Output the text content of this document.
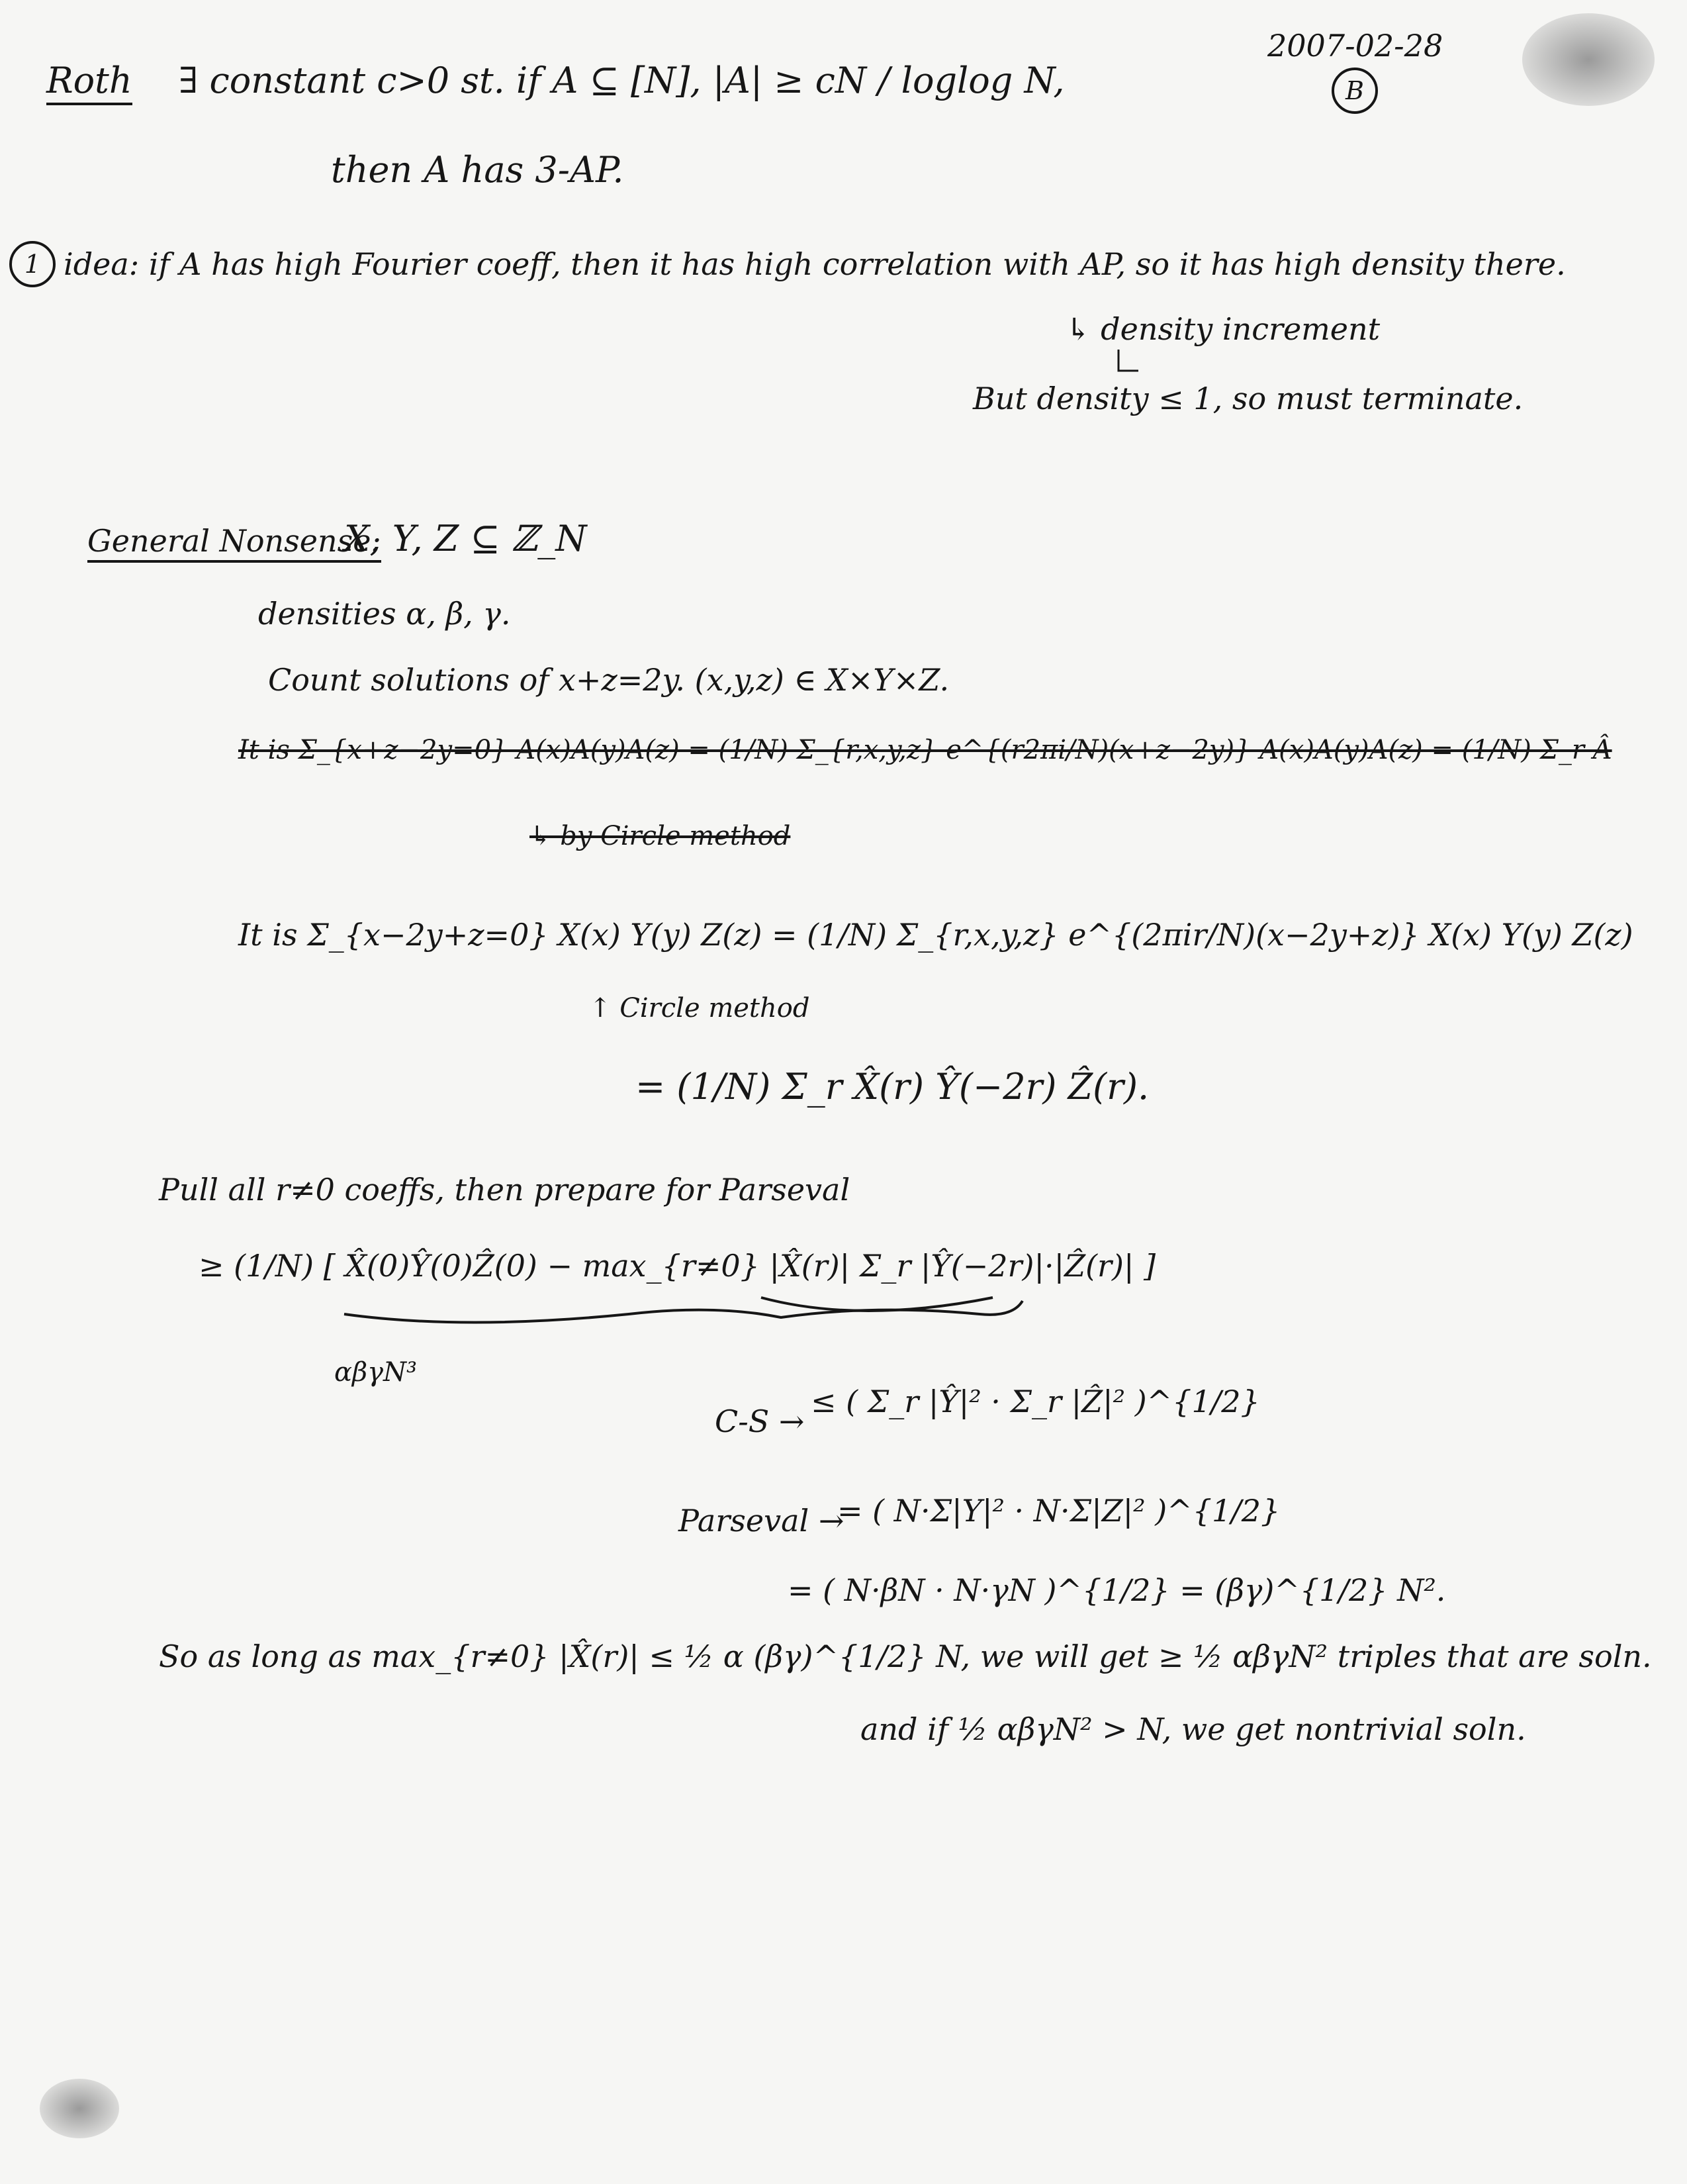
2007-02-28
B
Roth ∃ constant c>0 st. if A ⊆ [N], |A| ≥ cN / loglog N,
then A has 3-AP.
1 idea: if A has high Fourier coeff, then it has high correlation with AP, so it has high density there.
↳ density increment
But density ≤ 1, so must terminate.
General Nonsense:
X, Y, Z ⊆ ℤ_N
densities α, β, γ.
Count solutions of x+z=2y. (x,y,z) ∈ X×Y×Z.
It is Σ_{x+z−2y=0} A(x)A(y)A(z) = (1/N) Σ_{r,x,y,z} e^{(r2πi/N)(x+z−2y)} A(x)A(y)A(z) = (1/N) Σ_r Â
↳ by Circle method
It is Σ_{x−2y+z=0} X(x) Y(y) Z(z) = (1/N) Σ_{r,x,y,z} e^{(2πir/N)(x−2y+z)} X(x) Y(y) Z(z)
↑ Circle method
= (1/N) Σ_r X̂(r) Ŷ(−2r) Ẑ(r).
Pull all r≠0 coeffs, then prepare for Parseval
≥ (1/N) [ X̂(0)Ŷ(0)Ẑ(0) − max_{r≠0} |X̂(r)| Σ_r |Ŷ(−2r)|·|Ẑ(r)| ]
αβγN³
C-S →
≤ ( Σ_r |Ŷ|² · Σ_r |Ẑ|² )^{1/2}
Parseval →
= ( N·Σ|Y|² · N·Σ|Z|² )^{1/2}
= ( N·βN · N·γN )^{1/2} = (βγ)^{1/2} N².
So as long as max_{r≠0} |X̂(r)| ≤ ½ α (βγ)^{1/2} N, we will get ≥ ½ αβγN² triples that are soln.
and if ½ αβγN² > N, we get nontrivial soln.
